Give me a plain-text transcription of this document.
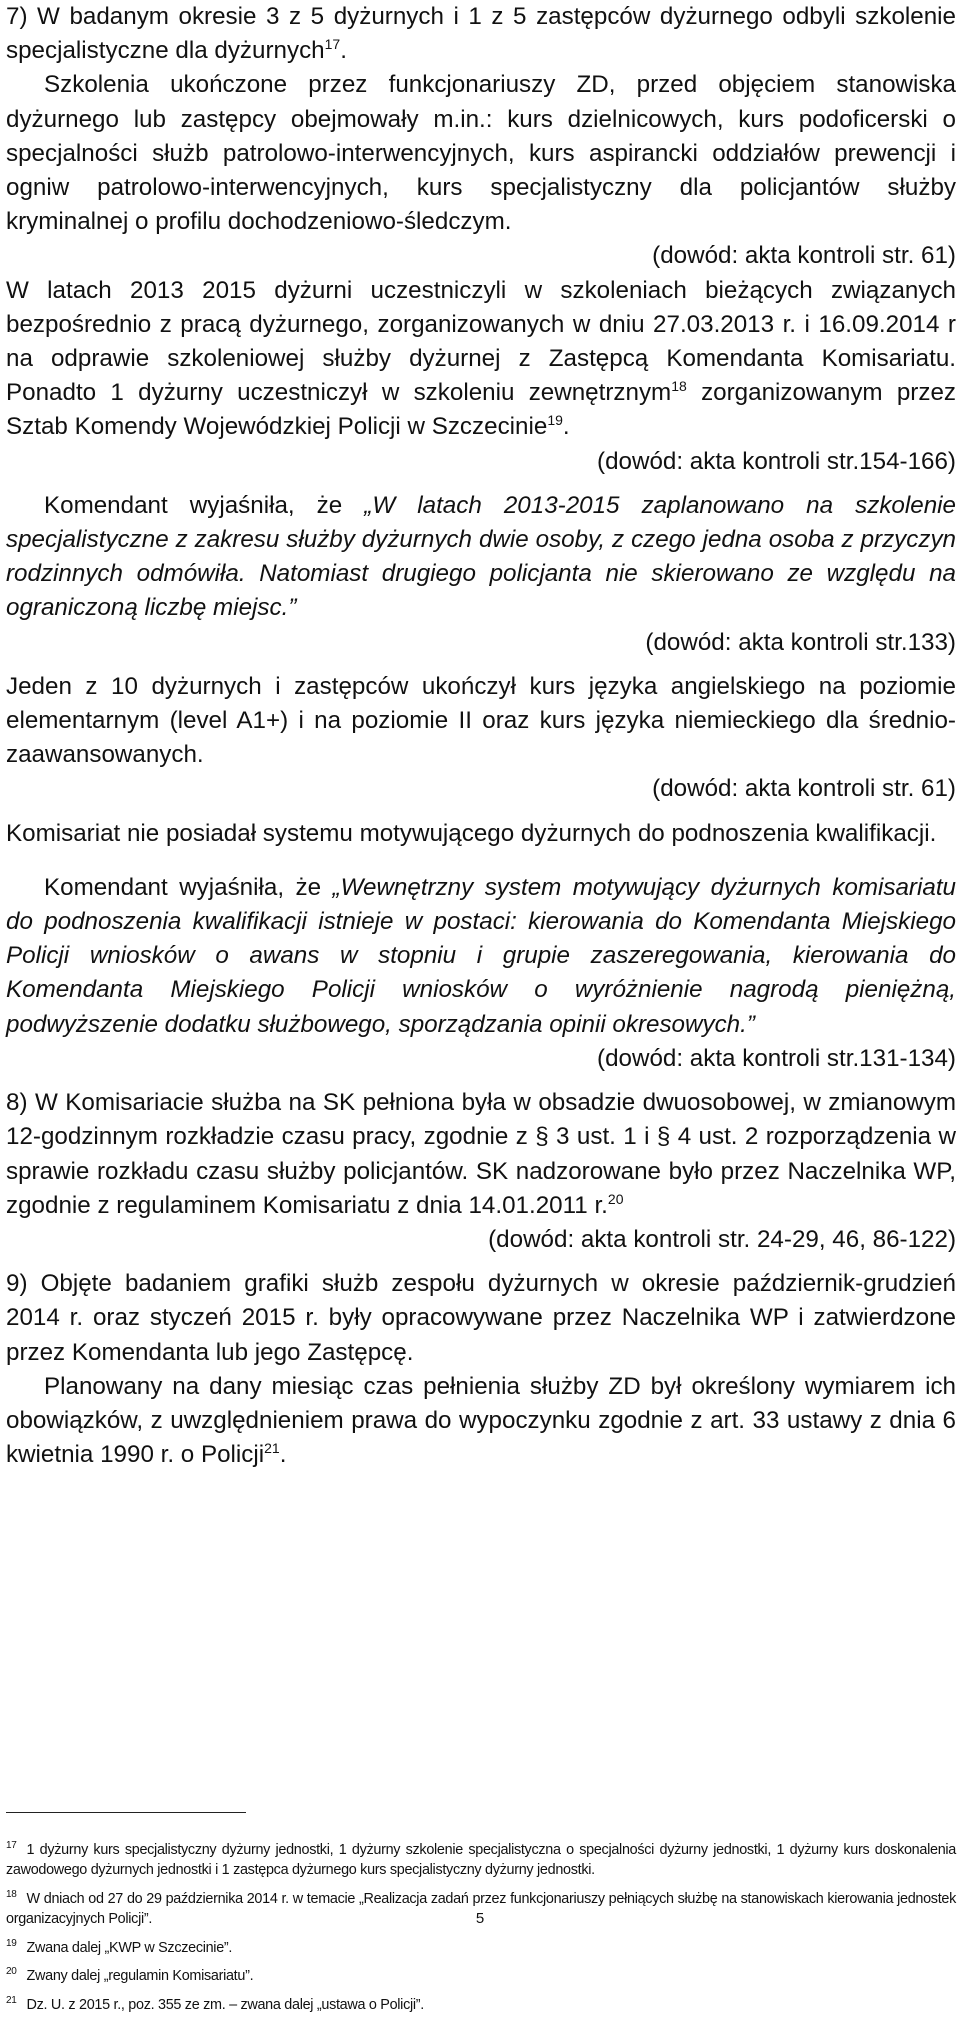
7) W badanym okresie 3 z 5 dyżurnych i 1 z 5 zastępców dyżurnego odbyli szkolenie specjalistyczne dla dyżurnych$^{17}$.

Szkolenia ukończone przez funkcjonariuszy ZD, przed objęciem stanowiska dyżurnego lub zastępcy obejmowały m.in.: kurs dzielnicowych, kurs podoficerski o specjalności służb patrolowo-interwencyjnych, kurs aspirancki oddziałów prewencji i ogniw patrolowo-interwencyjnych, kurs specjalistyczny dla policjantów służby kryminalnej o profilu dochodzeniowo-śledczym.

(dowód: akta kontroli str. 61)

W latach 2013 2015 dyżurni uczestniczyli w szkoleniach bieżących związanych bezpośrednio z pracą dyżurnego, zorganizowanych w dniu 27.03.2013 r. i 16.09.2014 r na odprawie szkoleniowej służby dyżurnej z Zastępcą Komendanta Komisariatu. Ponadto 1 dyżurny uczestniczył w szkoleniu zewnętrznym$^{18}$ zorganizowanym przez Sztab Komendy Wojewódzkiej Policji w Szczecinie$^{19}$.

(dowód: akta kontroli str.154-166)

Komendant wyjaśniła, że „W latach 2013-2015 zaplanowano na szkolenie specjalistyczne z zakresu służby dyżurnych dwie osoby, z czego jedna osoba z przyczyn rodzinnych odmówiła. Natomiast drugiego policjanta nie skierowano ze względu na ograniczoną liczbę miejsc.”

(dowód: akta kontroli str.133)

Jeden z 10 dyżurnych i zastępców ukończył kurs języka angielskiego na poziomie elementarnym (level A1+) i na poziomie II oraz kurs języka niemieckiego dla średnio-zaawansowanych.

(dowód: akta kontroli str. 61)

Komisariat nie posiadał systemu motywującego dyżurnych do podnoszenia kwalifikacji.

Komendant wyjaśniła, że „Wewnętrzny system motywujący dyżurnych komisariatu do podnoszenia kwalifikacji istnieje w postaci: kierowania do Komendanta Miejskiego Policji wniosków o awans w stopniu i grupie zaszeregowania, kierowania do Komendanta Miejskiego Policji wniosków o wyróżnienie nagrodą pieniężną, podwyższenie dodatku służbowego, sporządzania opinii okresowych.”

(dowód: akta kontroli str.131-134)

8) W Komisariacie służba na SK pełniona była w obsadzie dwuosobowej, w zmianowym 12-godzinnym rozkładzie czasu pracy, zgodnie z § 3 ust. 1 i § 4 ust. 2 rozporządzenia w sprawie rozkładu czasu służby policjantów. SK nadzorowane było przez Naczelnika WP, zgodnie z regulaminem Komisariatu z dnia 14.01.2011 r.$^{20}$

(dowód: akta kontroli str. 24-29, 46, 86-122)

9) Objęte badaniem grafiki służb zespołu dyżurnych w okresie październik-grudzień 2014 r. oraz styczeń 2015 r. były opracowywane przez Naczelnika WP i zatwierdzone przez Komendanta lub jego Zastępcę.

Planowany na dany miesiąc czas pełnienia służby ZD był określony wymiarem ich obowiązków, z uwzględnieniem prawa do wypoczynku zgodnie z art. 33 ustawy z dnia 6 kwietnia 1990 r. o Policji$^{21}$.

$^{17}$ 1 dyżurny kurs specjalistyczny dyżurny jednostki, 1 dyżurny szkolenie specjalistyczna o specjalności dyżurny jednostki, 1 dyżurny kurs doskonalenia zawodowego dyżurnych jednostki i 1 zastępca dyżurnego kurs specjalistyczny dyżurny jednostki.

$^{18}$ W dniach od 27 do 29 października 2014 r. w temacie „Realizacja zadań przez funkcjonariuszy pełniących służbę na stanowiskach kierowania jednostek organizacyjnych Policji”.

$^{19}$ Zwana dalej „KWP w Szczecinie”.

$^{20}$ Zwany dalej „regulamin Komisariatu”.

$^{21}$ Dz. U. z 2015 r., poz. 355 ze zm. – zwana dalej „ustawa o Policji”.

5
